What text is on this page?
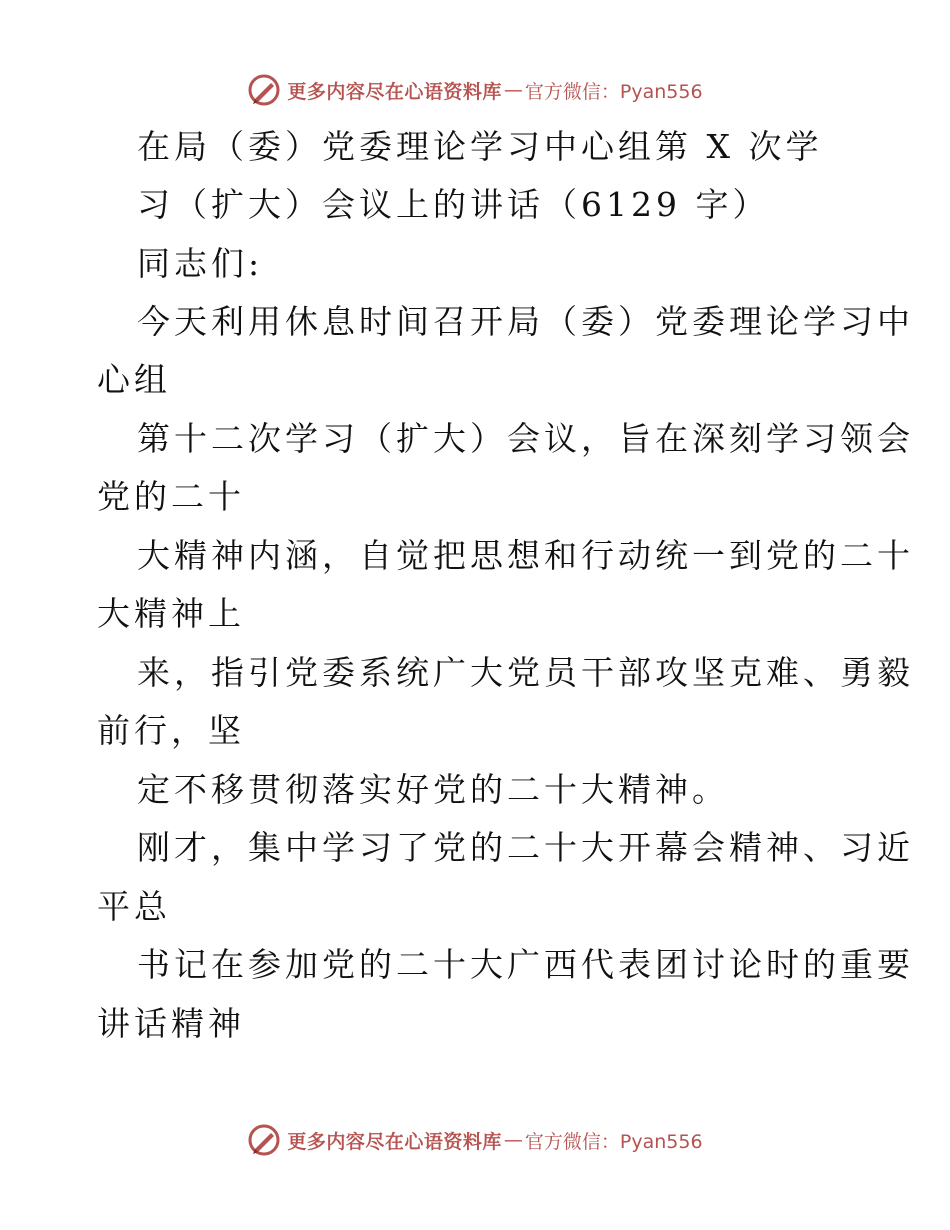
更多内容尽在心语资料库 — 官方微信：Pyan556
在局（委）党委理论学习中心组第 X 次学
习（扩大）会议上的讲话（6129 字）
同志们:
今天利用休息时间召开局（委）党委理论学习中
心组
第十二次学习（扩大）会议，旨在深刻学习领会
党的二十
大精神内涵，自觉把思想和行动统一到党的二十
大精神上
来，指引党委系统广大党员干部攻坚克难、勇毅
前行，坚
定不移贯彻落实好党的二十大精神。
刚才，集中学习了党的二十大开幕会精神、习近
平总
书记在参加党的二十大广西代表团讨论时的重要
讲话精神
更多内容尽在心语资料库 — 官方微信：Pyan556
